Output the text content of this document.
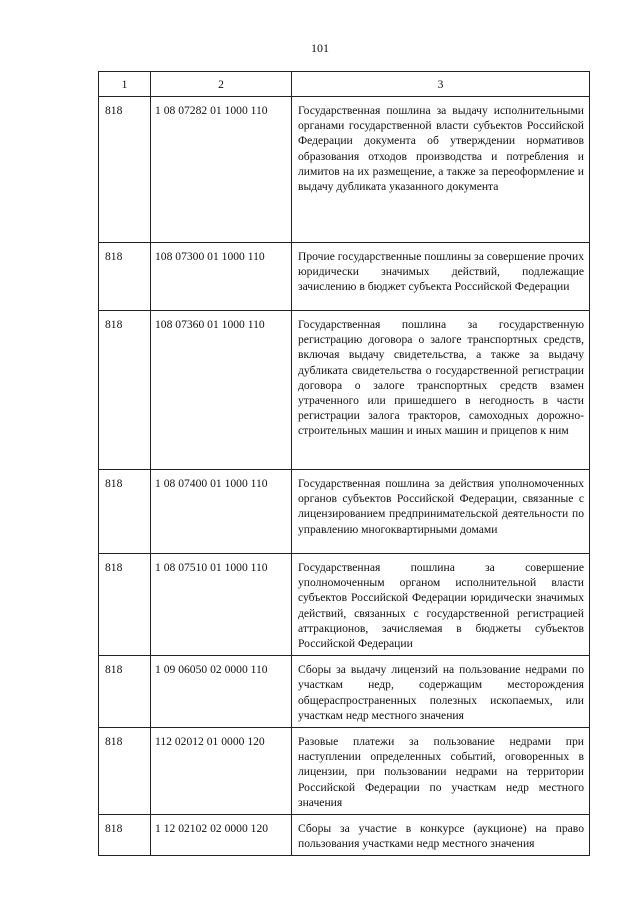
101
1	2	3
818	1 08 07282 01 1000 110	Государственная пошлина за выдачу исполнительными органами государственной власти субъектов Российской Федерации документа об утверждении нормативов образования отходов производства и потребления и лимитов на их размещение, а также за переоформление и выдачу дубликата указанного документа
818	108 07300 01 1000 110	Прочие государственные пошлины за совершение прочих юридически значимых действий, подлежащие зачислению в бюджет субъекта Российской Федерации
818	108 07360 01 1000 110	Государственная пошлина за государственную регистрацию договора о залоге транспортных средств, включая выдачу свидетельства, а также за выдачу дубликата свидетельства о государственной регистрации договора о залоге транспортных средств взамен утраченного или пришедшего в негодность в части регистрации залога тракторов, самоходных дорожно-строительных машин и иных машин и прицепов к ним
818	1 08 07400 01 1000 110	Государственная пошлина за действия уполномоченных органов субъектов Российской Федерации, связанные с лицензированием предпринимательской деятельности по управлению многоквартирными домами
818	1 08 07510 01 1000 110	Государственная пошлина за совершение уполномоченным органом исполнительной власти субъектов Российской Федерации юридически значимых действий, связанных с государственной регистрацией аттракционов, зачисляемая в бюджеты субъектов Российской Федерации
818	1 09 06050 02 0000 110	Сборы за выдачу лицензий на пользование недрами по участкам недр, содержащим месторождения общераспространенных полезных ископаемых, или участкам недр местного значения
818	112 02012 01 0000 120	Разовые платежи за пользование недрами при наступлении определенных событий, оговоренных в лицензии, при пользовании недрами на территории Российской Федерации по участкам недр местного значения
818	1 12 02102 02 0000 120	Сборы за участие в конкурсе (аукционе) на право пользования участками недр местного значения
